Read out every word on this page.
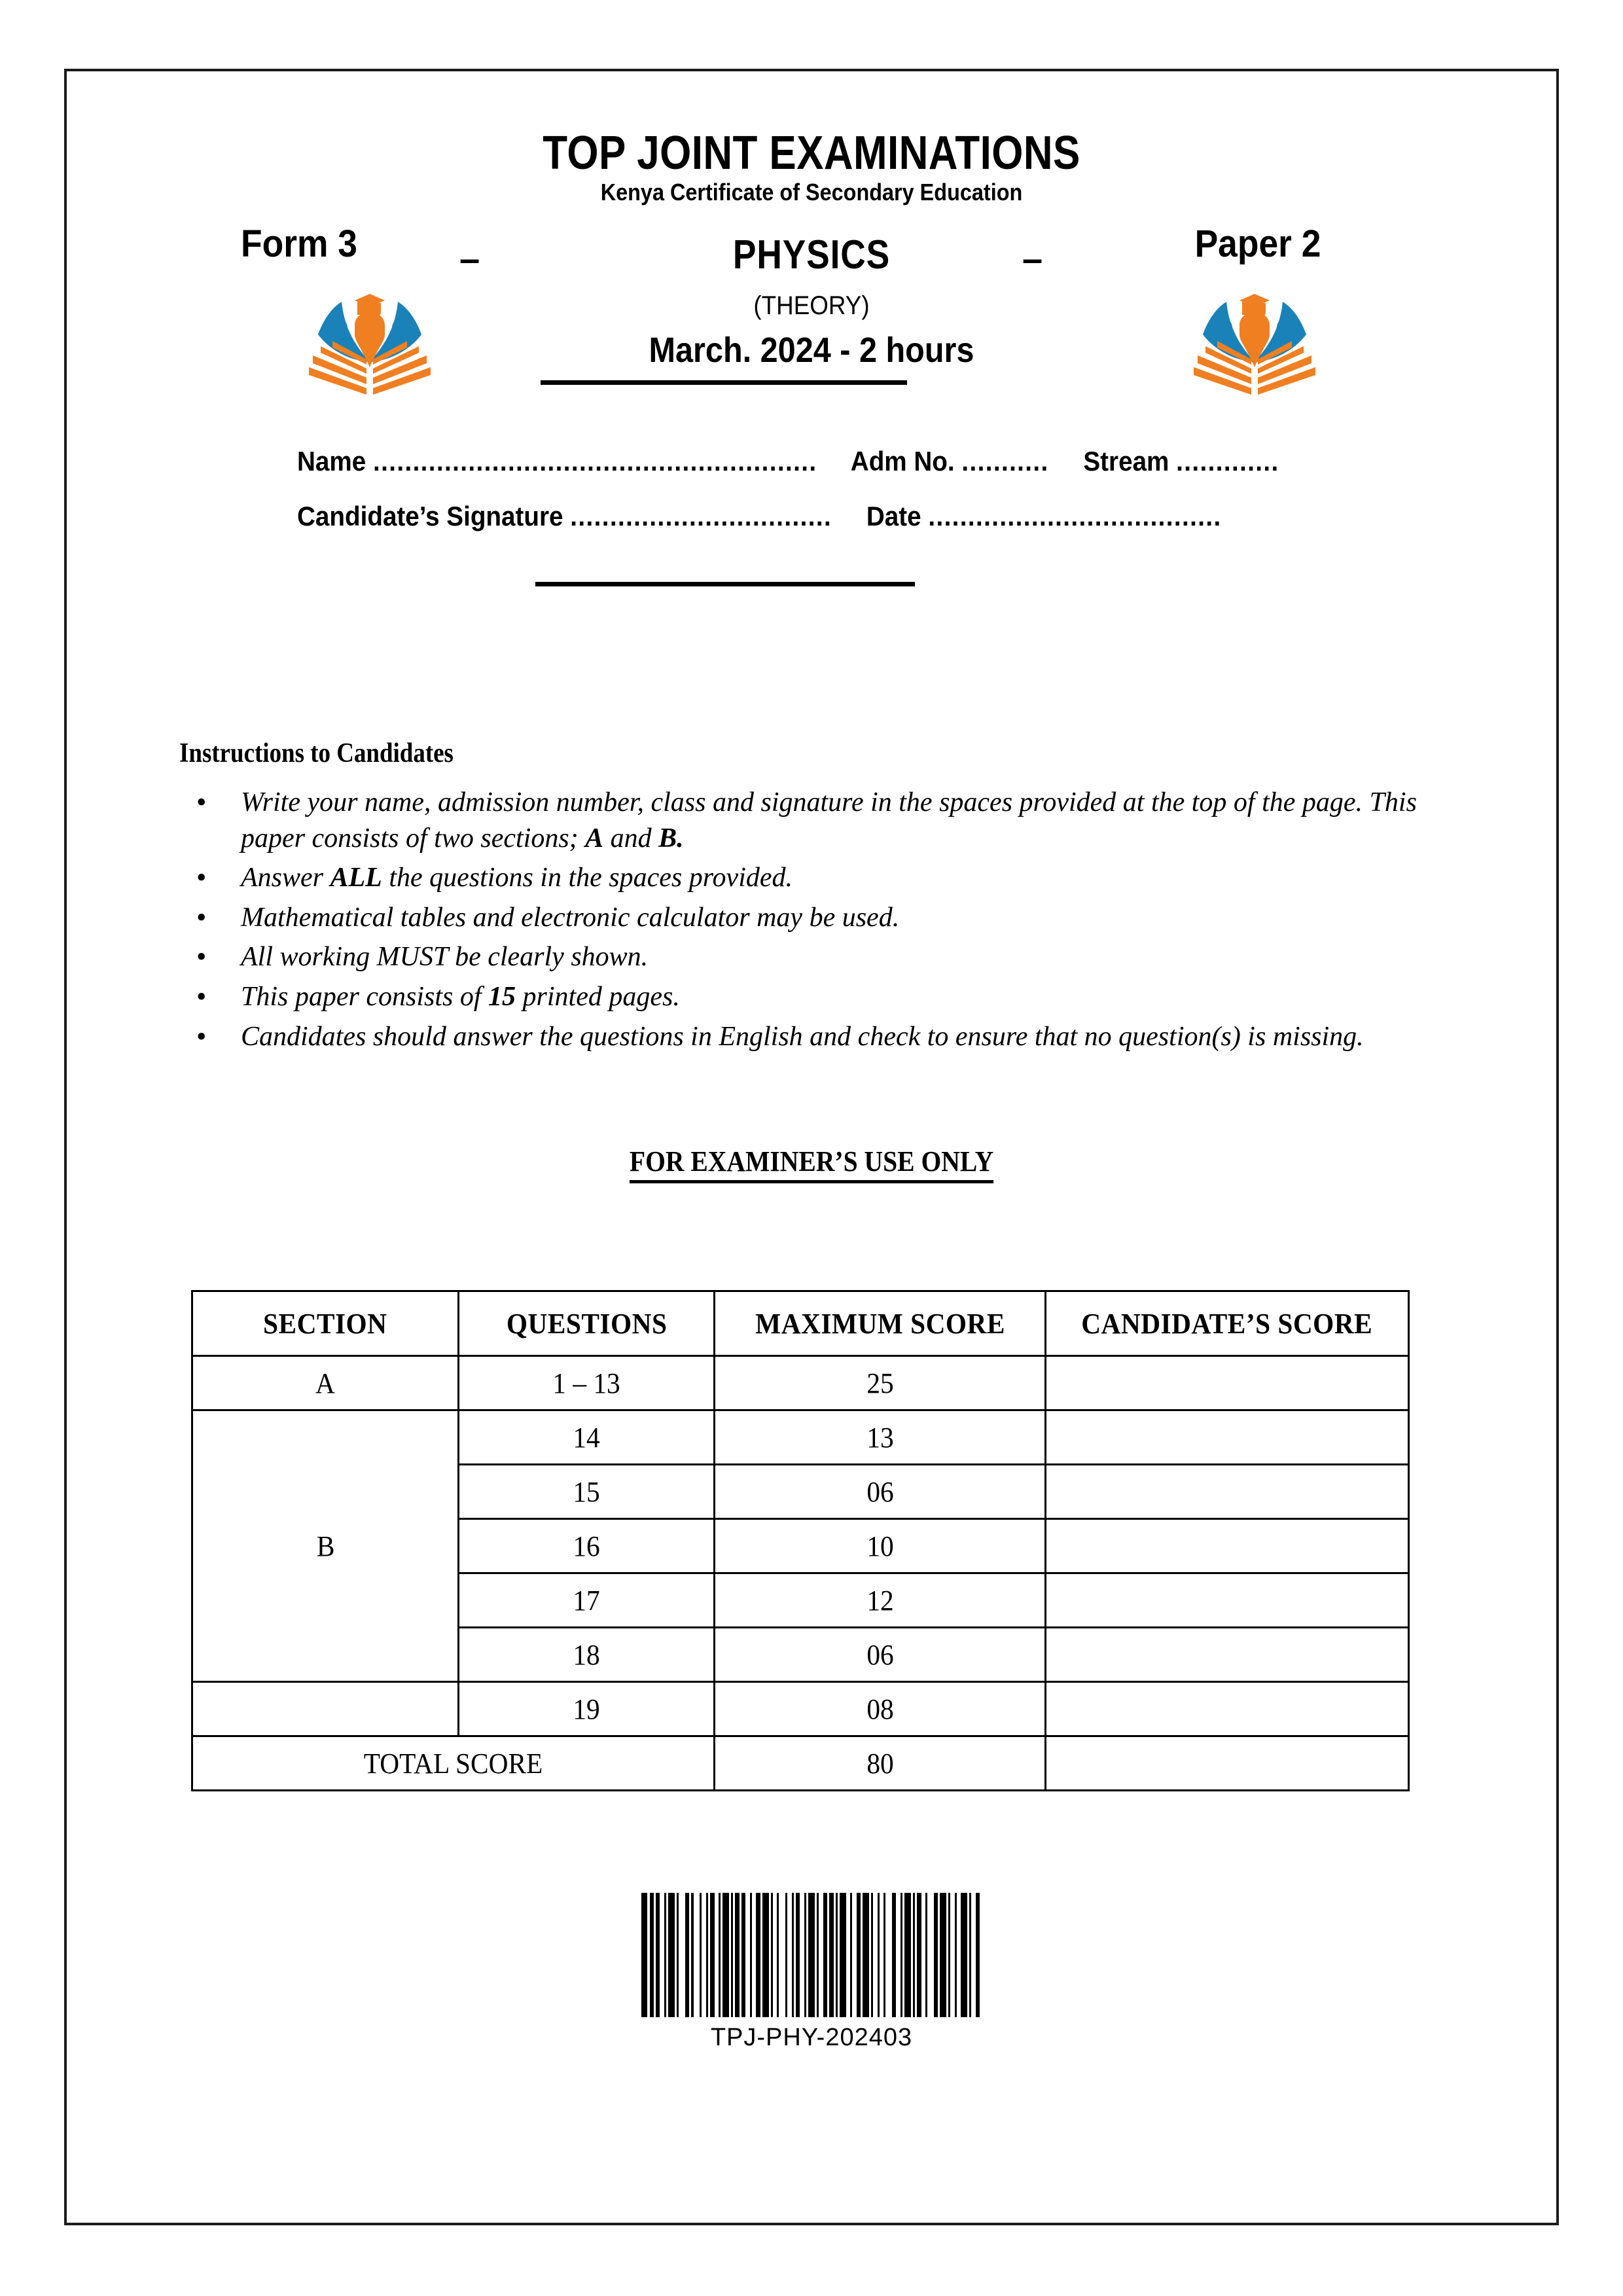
TOP JOINT EXAMINATIONS
Kenya Certificate of Secondary Education
Form 3	–	PHYSICS	–	Paper 2
(THEORY)
March. 2024 - 2 hours
Name ........................................................ Adm No. ........... Stream .............
Candidate’s Signature ................................. Date .....................................
Instructions to Candidates
• Write your name, admission number, class and signature in the spaces provided at the top of the page. This paper consists of two sections; A and B.
• Answer ALL the questions in the spaces provided.
• Mathematical tables and electronic calculator may be used.
• All working MUST be clearly shown.
• This paper consists of 15 printed pages.
• Candidates should answer the questions in English and check to ensure that no question(s) is missing.
FOR EXAMINER’S USE ONLY
SECTION	QUESTIONS	MAXIMUM SCORE	CANDIDATE’S SCORE
A	1 – 13	25	
B	14	13	
	15	06	
	16	10	
	17	12	
	18	06	
	19	08	
TOTAL SCORE		80	
TPJ-PHY-202403
